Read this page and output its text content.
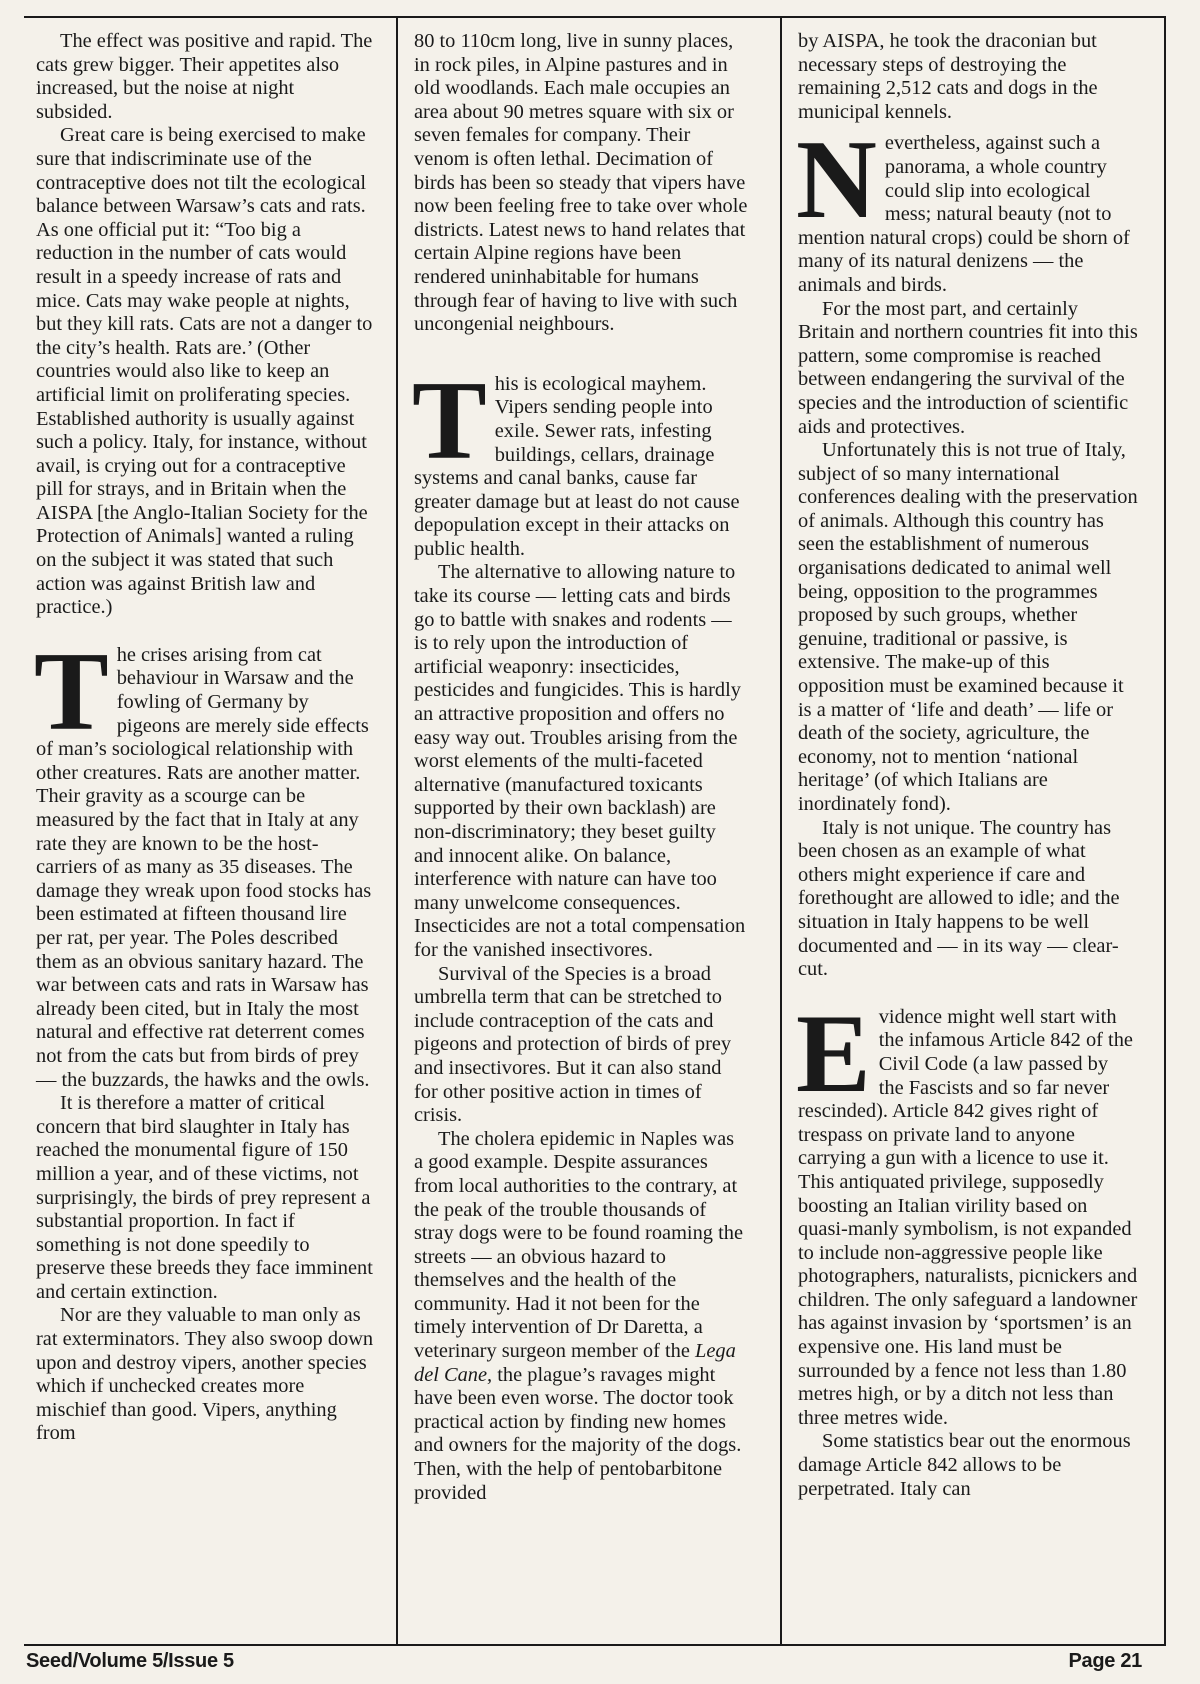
The effect was positive and rapid. The cats grew bigger. Their appetites also increased, but the noise at night subsided.

Great care is being exercised to make sure that indiscriminate use of the contraceptive does not tilt the ecological balance between Warsaw’s cats and rats. As one official put it: “Too big a reduction in the number of cats would result in a speedy increase of rats and mice. Cats may wake people at nights, but they kill rats. Cats are not a danger to the city’s health. Rats are.’ (Other countries would also like to keep an artificial limit on proliferating species. Established authority is usually against such a policy. Italy, for instance, without avail, is crying out for a contraceptive pill for strays, and in Britain when the AISPA [the Anglo-Italian Society for the Protection of Animals] wanted a ruling on the subject it was stated that such action was against British law and practice.)

The crises arising from cat behaviour in Warsaw and the fowling of Germany by pigeons are merely side effects of man’s sociological relationship with other creatures. Rats are another matter. Their gravity as a scourge can be measured by the fact that in Italy at any rate they are known to be the host-carriers of as many as 35 diseases. The damage they wreak upon food stocks has been estimated at fifteen thousand lire per rat, per year. The Poles described them as an obvious sanitary hazard. The war between cats and rats in Warsaw has already been cited, but in Italy the most natural and effective rat deterrent comes not from the cats but from birds of prey — the buzzards, the hawks and the owls.

It is therefore a matter of critical concern that bird slaughter in Italy has reached the monumental figure of 150 million a year, and of these victims, not surprisingly, the birds of prey represent a substantial proportion. In fact if something is not done speedily to preserve these breeds they face imminent and certain extinction.

Nor are they valuable to man only as rat exterminators. They also swoop down upon and destroy vipers, another species which if unchecked creates more mischief than good. Vipers, anything from

80 to 110cm long, live in sunny places, in rock piles, in Alpine pastures and in old woodlands. Each male occupies an area about 90 metres square with six or seven females for company. Their venom is often lethal. Decimation of birds has been so steady that vipers have now been feeling free to take over whole districts. Latest news to hand relates that certain Alpine regions have been rendered uninhabitable for humans through fear of having to live with such uncongenial neighbours.

This is ecological mayhem. Vipers sending people into exile. Sewer rats, infesting buildings, cellars, drainage systems and canal banks, cause far greater damage but at least do not cause depopulation except in their attacks on public health.

The alternative to allowing nature to take its course — letting cats and birds go to battle with snakes and rodents — is to rely upon the introduction of artificial weaponry: insecticides, pesticides and fungicides. This is hardly an attractive proposition and offers no easy way out. Troubles arising from the worst elements of the multi-faceted alternative (manufactured toxicants supported by their own backlash) are non-discriminatory; they beset guilty and innocent alike. On balance, interference with nature can have too many unwelcome consequences. Insecticides are not a total compensation for the vanished insectivores.

Survival of the Species is a broad umbrella term that can be stretched to include contraception of the cats and pigeons and protection of birds of prey and insectivores. But it can also stand for other positive action in times of crisis.

The cholera epidemic in Naples was a good example. Despite assurances from local authorities to the contrary, at the peak of the trouble thousands of stray dogs were to be found roaming the streets — an obvious hazard to themselves and the health of the community. Had it not been for the timely intervention of Dr Daretta, a veterinary surgeon member of the Lega del Cane, the plague’s ravages might have been even worse. The doctor took practical action by finding new homes and owners for the majority of the dogs. Then, with the help of pentobarbitone provided

by AISPA, he took the draconian but necessary steps of destroying the remaining 2,512 cats and dogs in the municipal kennels.

Nevertheless, against such a panorama, a whole country could slip into ecological mess; natural beauty (not to mention natural crops) could be shorn of many of its natural denizens — the animals and birds.

For the most part, and certainly Britain and northern countries fit into this pattern, some compromise is reached between endangering the survival of the species and the introduction of scientific aids and protectives.

Unfortunately this is not true of Italy, subject of so many international conferences dealing with the preservation of animals. Although this country has seen the establishment of numerous organisations dedicated to animal well being, opposition to the programmes proposed by such groups, whether genuine, traditional or passive, is extensive. The make-up of this opposition must be examined because it is a matter of ‘life and death’ — life or death of the society, agriculture, the economy, not to mention ‘national heritage’ (of which Italians are inordinately fond).

Italy is not unique. The country has been chosen as an example of what others might experience if care and forethought are allowed to idle; and the situation in Italy happens to be well documented and — in its way — clear-cut.

Evidence might well start with the infamous Article 842 of the Civil Code (a law passed by the Fascists and so far never rescinded). Article 842 gives right of trespass on private land to anyone carrying a gun with a licence to use it. This antiquated privilege, supposedly boosting an Italian virility based on quasi-manly symbolism, is not expanded to include non-aggressive people like photographers, naturalists, picnickers and children. The only safeguard a landowner has against invasion by ‘sportsmen’ is an expensive one. His land must be surrounded by a fence not less than 1.80 metres high, or by a ditch not less than three metres wide.

Some statistics bear out the enormous damage Article 842 allows to be perpetrated. Italy can

Seed/Volume 5/Issue 5	Page 21
